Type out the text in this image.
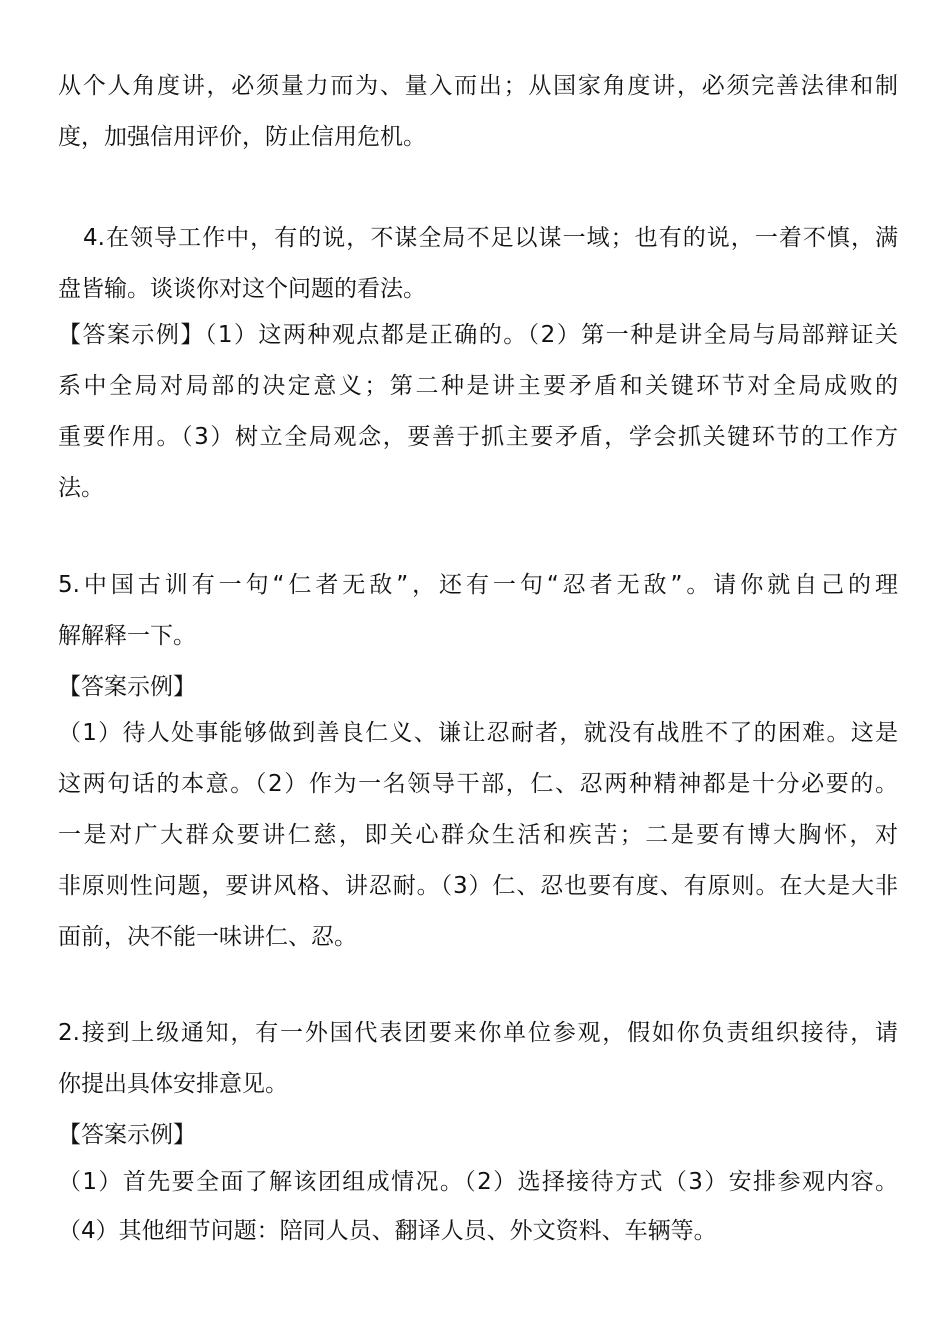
从个人角度讲，必须量力而为、量入而出；从国家角度讲，必须完善法律和制
度，加强信用评价，防止信用危机。
4.在领导工作中，有的说，不谋全局不足以谋一域；也有的说，一着不慎，满
盘皆输。谈谈你对这个问题的看法。
【答案示例】（1）这两种观点都是正确的。（2）第一种是讲全局与局部辩证关
系中全局对局部的决定意义；第二种是讲主要矛盾和关键环节对全局成败的
重要作用。（3）树立全局观念，要善于抓主要矛盾，学会抓关键环节的工作方
法。
5.中国古训有一句“仁者无敌”，还有一句“忍者无敌”。请你就自己的理
解解释一下。
【答案示例】
（1）待人处事能够做到善良仁义、谦让忍耐者，就没有战胜不了的困难。这是
这两句话的本意。（2）作为一名领导干部，仁、忍两种精神都是十分必要的。
一是对广大群众要讲仁慈，即关心群众生活和疾苦；二是要有博大胸怀，对
非原则性问题，要讲风格、讲忍耐。（3）仁、忍也要有度、有原则。在大是大非
面前，决不能一味讲仁、忍。
2.接到上级通知，有一外国代表团要来你单位参观，假如你负责组织接待，请
你提出具体安排意见。
【答案示例】
（1）首先要全面了解该团组成情况。（2）选择接待方式（3）安排参观内容。
（4）其他细节问题：陪同人员、翻译人员、外文资料、车辆等。
